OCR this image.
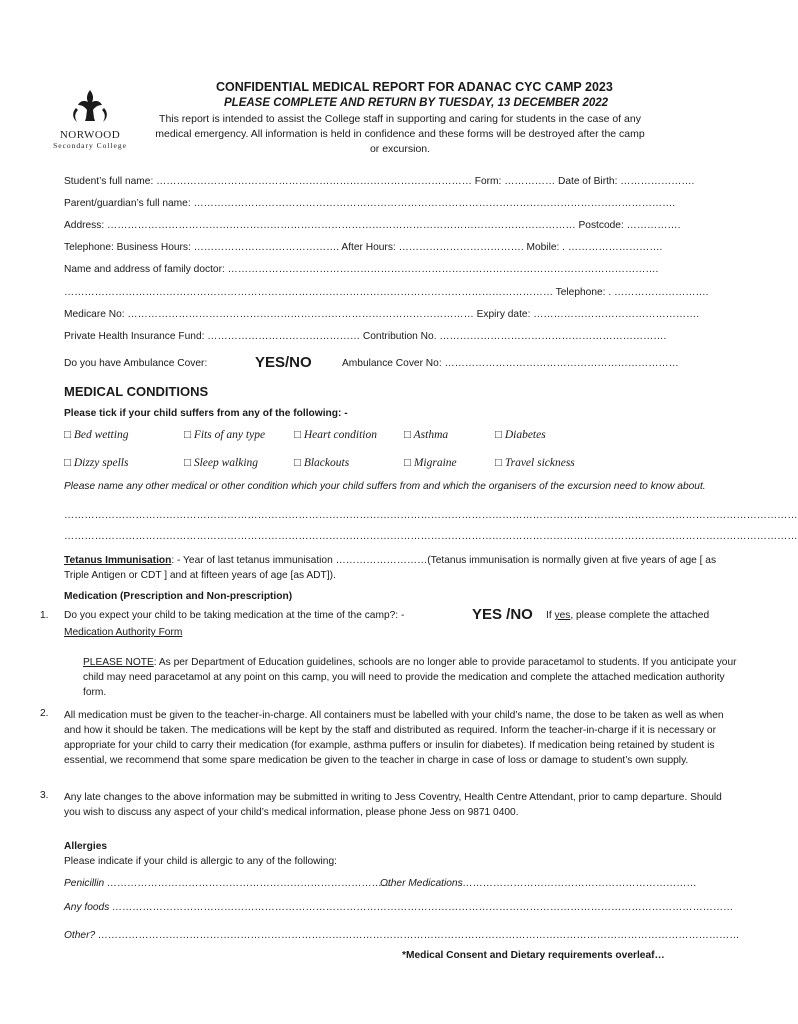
NORWOOD
Secondary College
CONFIDENTIAL MEDICAL REPORT FOR ADANAC CYC CAMP 2023
PLEASE COMPLETE AND RETURN BY TUESDAY, 13 DECEMBER 2022
This report is intended to assist the College staff in supporting and caring for students in the case of any medical emergency. All information is held in confidence and these forms will be destroyed after the camp or excursion.
Student’s full name: ………………………………………………………………………………… Form: …………… Date of Birth: ………………….
Parent/guardian’s full name: …………………………………………………………………………………………………………………………….
Address: ………………………………………………………………………………………………………………………… Postcode: …………….
Telephone: Business Hours: ……………………………………. After Hours: ………………………………. Mobile: . ……………………….
Name and address of family doctor: ……………………………………………………………………………………………………………….
……………………………………………………………………………………………………………………………… Telephone: . ……………………….
Medicare No: ………………………………………………………………………………………… Expiry date: ………………………………………….
Private Health Insurance Fund: ……………………………………… Contribution No. ………………………………………………………….
Do you have Ambulance Cover:	YES/NO	Ambulance Cover No: ……………………………………………………………
MEDICAL CONDITIONS
Please tick if your child suffers from any of the following: -
□ Bed wetting	□ Fits of any type	□ Heart condition □ Asthma	□ Diabetes
□ Dizzy spells	□ Sleep walking	□ Blackouts	□ Migraine	□ Travel sickness
Please name any other medical or other condition which your child suffers from and which the organisers of the excursion need to know about.
………………………………………………………………………………………………………………………………………………………………………………………………
………………………………………………………………………………………………………………………………………………………………………………………………
Tetanus Immunisation: - Year of last tetanus immunisation ………………………(Tetanus immunisation is normally given at five years of age [ as Triple Antigen or CDT ] and at fifteen years of age [as ADT]).
Medication (Prescription and Non-prescription)
1. Do you expect your child to be taking medication at the time of the camp?: -	YES /NO If yes, please complete the attached
Medication Authority Form
PLEASE NOTE: As per Department of Education guidelines, schools are no longer able to provide paracetamol to students. If you anticipate your child may need paracetamol at any point on this camp, you will need to provide the medication and complete the attached medication authority form.
2. All medication must be given to the teacher-in-charge. All containers must be labelled with your child’s name, the dose to be taken as well as when and how it should be taken. The medications will be kept by the staff and distributed as required. Inform the teacher-in-charge if it is necessary or appropriate for your child to carry their medication (for example, asthma puffers or insulin for diabetes). If medication being retained by student is essential, we recommend that some spare medication be given to the teacher in charge in case of loss or damage to student’s own supply.
3. Any late changes to the above information may be submitted in writing to Jess Coventry, Health Centre Attendant, prior to camp departure. Should you wish to discuss any aspect of your child’s medical information, please phone Jess on 9871 0400.
Allergies
Please indicate if your child is allergic to any of the following:
Penicillin …………………………………………………………………………
Other Medications……………………………………………………………
Any foods …………………………………………………………………………………………………………………………………………………………………
Other? ………………………………………………………………………………………………………………………………………………………………………
*Medical Consent and Dietary requirements overleaf…
